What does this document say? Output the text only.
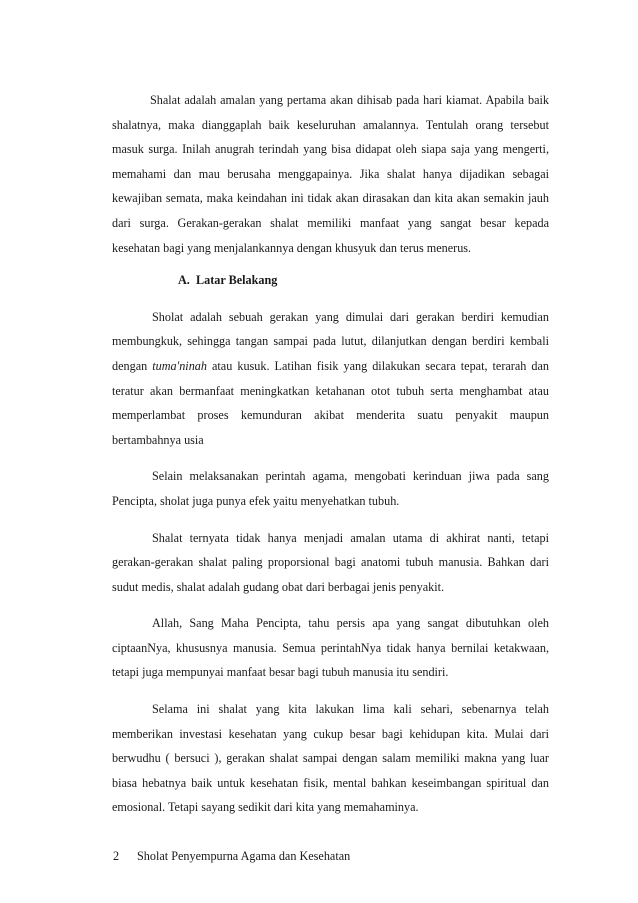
Shalat adalah amalan yang pertama akan dihisab pada hari kiamat. Apabila baik shalatnya, maka dianggaplah baik keseluruhan amalannya. Tentulah orang tersebut masuk surga. Inilah anugrah terindah yang bisa didapat oleh siapa saja yang mengerti, memahami dan mau berusaha menggapainya. Jika shalat hanya dijadikan sebagai kewajiban semata, maka keindahan ini tidak akan dirasakan dan kita akan semakin jauh dari surga. Gerakan-gerakan shalat memiliki manfaat yang sangat besar kepada kesehatan bagi yang menjalankannya dengan khusyuk dan terus menerus.

A. Latar Belakang

Sholat adalah sebuah gerakan yang dimulai dari gerakan berdiri kemudian membungkuk, sehingga tangan sampai pada lutut, dilanjutkan dengan berdiri kembali dengan tuma'ninah atau kusuk. Latihan fisik yang dilakukan secara tepat, terarah dan teratur akan bermanfaat meningkatkan ketahanan otot tubuh serta menghambat atau memperlambat proses kemunduran akibat menderita suatu penyakit maupun bertambahnya usia

Selain melaksanakan perintah agama, mengobati kerinduan jiwa pada sang Pencipta, sholat juga punya efek yaitu menyehatkan tubuh.

Shalat ternyata tidak hanya menjadi amalan utama di akhirat nanti, tetapi gerakan-gerakan shalat paling proporsional bagi anatomi tubuh manusia. Bahkan dari sudut medis, shalat adalah gudang obat dari berbagai jenis penyakit.

Allah, Sang Maha Pencipta, tahu persis apa yang sangat dibutuhkan oleh ciptaanNya, khususnya manusia. Semua perintahNya tidak hanya bernilai ketakwaan, tetapi juga mempunyai manfaat besar bagi tubuh manusia itu sendiri.

Selama ini shalat yang kita lakukan lima kali sehari, sebenarnya telah memberikan investasi kesehatan yang cukup besar bagi kehidupan kita. Mulai dari berwudhu ( bersuci ), gerakan shalat sampai dengan salam memiliki makna yang luar biasa hebatnya baik untuk kesehatan fisik, mental bahkan keseimbangan spiritual dan emosional. Tetapi sayang sedikit dari kita yang memahaminya.

2 Sholat Penyempurna Agama dan Kesehatan
